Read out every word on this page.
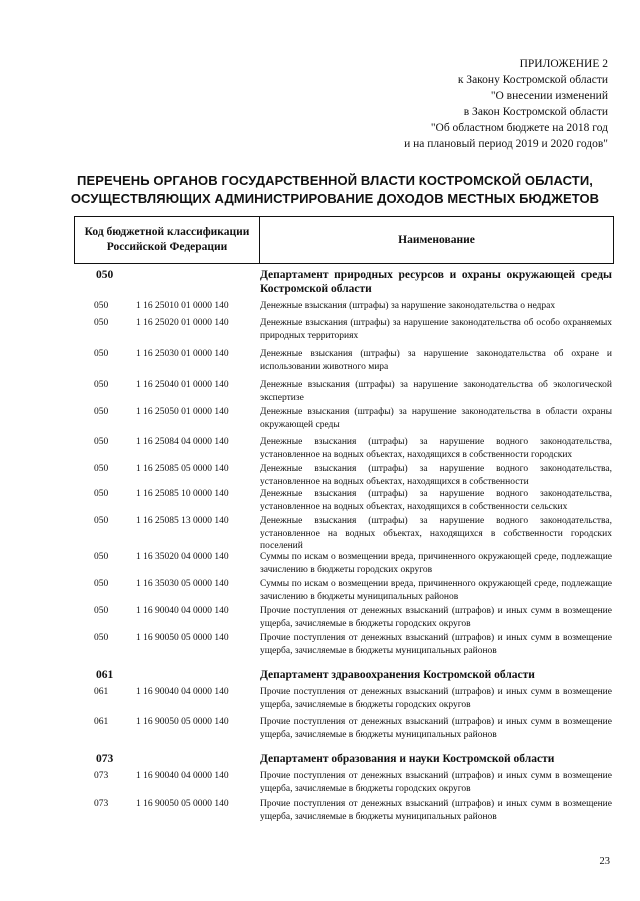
ПРИЛОЖЕНИЕ 2
к Закону Костромской области
"О внесении изменений
в Закон Костромской области
"Об областном бюджете на 2018 год
и на плановый период 2019 и 2020 годов"
ПЕРЕЧЕНЬ ОРГАНОВ ГОСУДАРСТВЕННОЙ ВЛАСТИ КОСТРОМСКОЙ ОБЛАСТИ,
ОСУЩЕСТВЛЯЮЩИХ АДМИНИСТРИРОВАНИЕ ДОХОДОВ МЕСТНЫХ БЮДЖЕТОВ
Код бюджетной классификации
Российской Федерации
Наименование
050	Департамент природных ресурсов и охраны окружающей среды Костромской области
050	1 16 25010 01 0000 140	Денежные взыскания (штрафы) за нарушение законодательства о недрах
050	1 16 25020 01 0000 140	Денежные взыскания (штрафы) за нарушение законодательства об особо охраняемых природных территориях
050	1 16 25030 01 0000 140	Денежные взыскания (штрафы) за нарушение законодательства об охране и использовании животного мира
050	1 16 25040 01 0000 140	Денежные взыскания (штрафы) за нарушение законодательства об экологической экспертизе
050	1 16 25050 01 0000 140	Денежные взыскания (штрафы) за нарушение законодательства в области охраны окружающей среды
050	1 16 25084 04 0000 140	Денежные взыскания (штрафы) за нарушение водного законодательства, установленное на водных объектах, находящихся в собственности городских
050	1 16 25085 05 0000 140	Денежные взыскания (штрафы) за нарушение водного законодательства, установленное на водных объектах, находящихся в собственности
050	1 16 25085 10 0000 140	Денежные взыскания (штрафы) за нарушение водного законодательства, установленное на водных объектах, находящихся в собственности сельских
050	1 16 25085 13 0000 140	Денежные взыскания (штрафы) за нарушение водного законодательства, установленное на водных объектах, находящихся в собственности городских поселений
050	1 16 35020 04 0000 140	Суммы по искам о возмещении вреда, причиненного окружающей среде, подлежащие зачислению в бюджеты городских округов
050	1 16 35030 05 0000 140	Суммы по искам о возмещении вреда, причиненного окружающей среде, подлежащие зачислению в бюджеты муниципальных районов
050	1 16 90040 04 0000 140	Прочие поступления от денежных взысканий (штрафов) и иных сумм в возмещение ущерба, зачисляемые в бюджеты городских округов
050	1 16 90050 05 0000 140	Прочие поступления от денежных взысканий (штрафов) и иных сумм в возмещение ущерба, зачисляемые в бюджеты муниципальных районов
061	Департамент здравоохранения Костромской области
061	1 16 90040 04 0000 140	Прочие поступления от денежных взысканий (штрафов) и иных сумм в возмещение ущерба, зачисляемые в бюджеты городских округов
061	1 16 90050 05 0000 140	Прочие поступления от денежных взысканий (штрафов) и иных сумм в возмещение ущерба, зачисляемые в бюджеты муниципальных районов
073	Департамент образования и науки Костромской области
073	1 16 90040 04 0000 140	Прочие поступления от денежных взысканий (штрафов) и иных сумм в возмещение ущерба, зачисляемые в бюджеты городских округов
073	1 16 90050 05 0000 140	Прочие поступления от денежных взысканий (штрафов) и иных сумм в возмещение ущерба, зачисляемые в бюджеты муниципальных районов
23
